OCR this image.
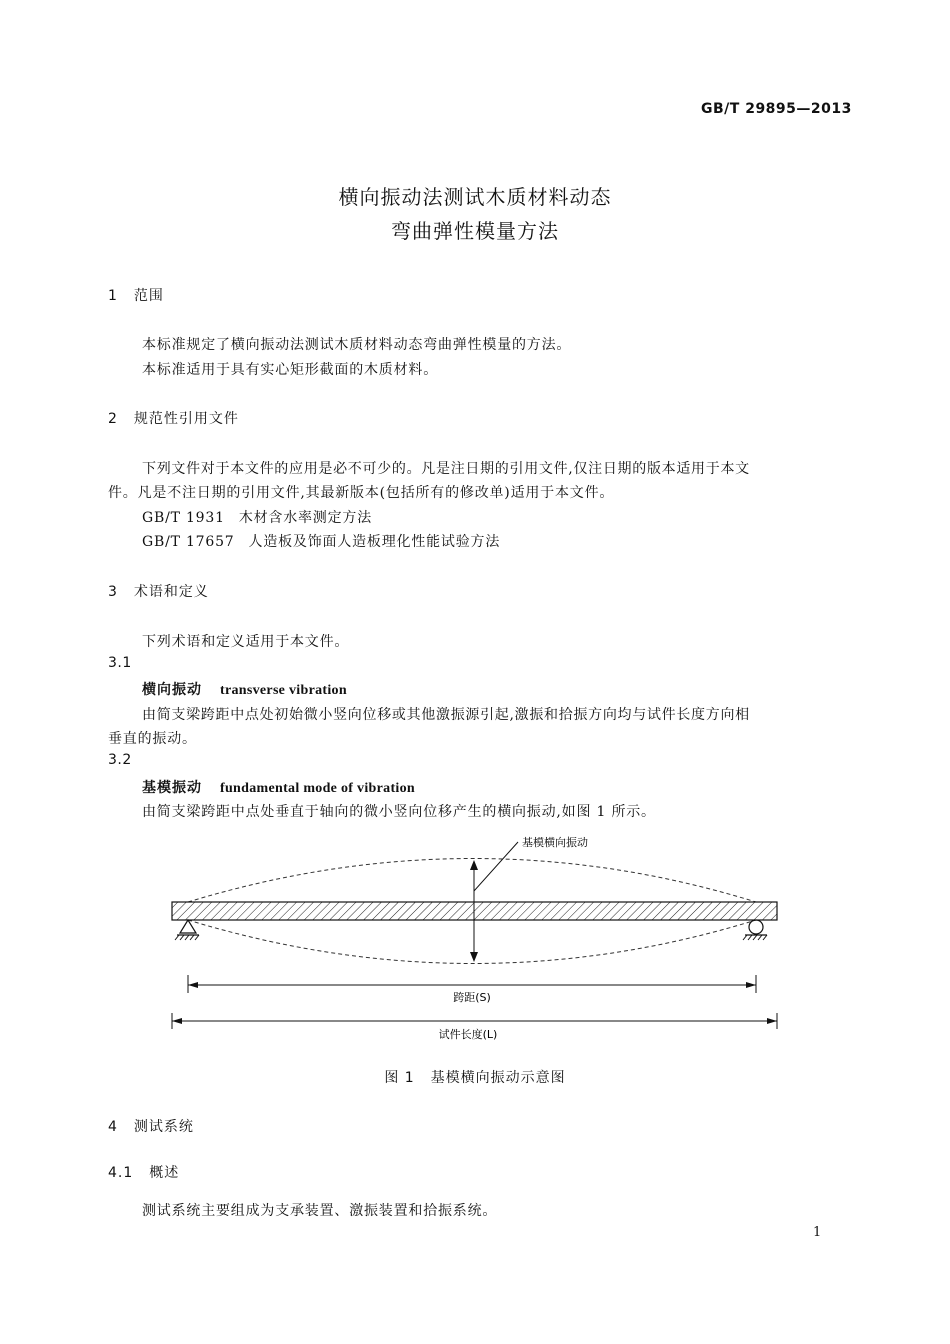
GB/T 29895—2013
横向振动法测试木质材料动态
弯曲弹性模量方法
1 范围
本标准规定了横向振动法测试木质材料动态弯曲弹性模量的方法。
本标准适用于具有实心矩形截面的木质材料。
2 规范性引用文件
下列文件对于本文件的应用是必不可少的。凡是注日期的引用文件,仅注日期的版本适用于本文
件。凡是不注日期的引用文件,其最新版本(包括所有的修改单)适用于本文件。
GB/T 1931 木材含水率测定方法
GB/T 17657 人造板及饰面人造板理化性能试验方法
3 术语和定义
下列术语和定义适用于本文件。
3.1
横向振动 transverse vibration
由简支梁跨距中点处初始微小竖向位移或其他激振源引起,激振和拾振方向均与试件长度方向相
垂直的振动。
3.2
基模振动 fundamental mode of vibration
由简支梁跨距中点处垂直于轴向的微小竖向位移产生的横向振动,如图 1 所示。
基模横向振动
跨距(S)
试件长度(L)
图 1 基模横向振动示意图
4 测试系统
4.1 概述
测试系统主要组成为支承装置、激振装置和拾振系统。
1
